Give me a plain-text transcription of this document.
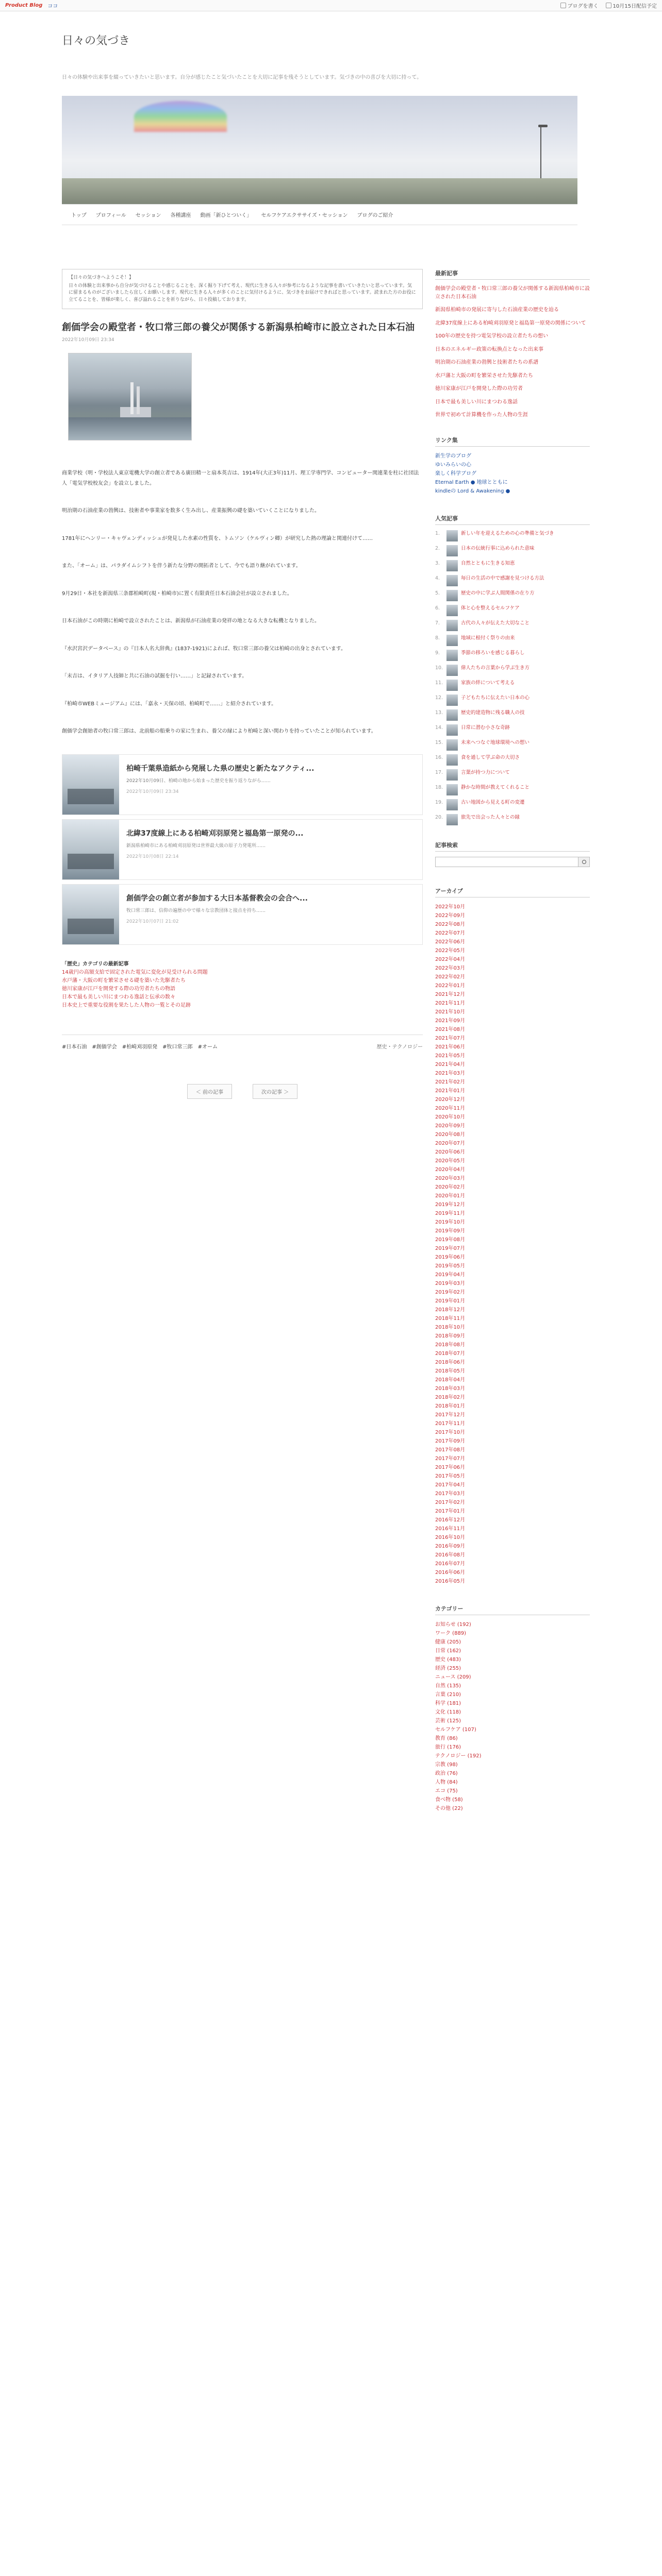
Product Blog ココ	ブログを書く	10月15日配信予定
日々の気づき
日々の体験や出来事を綴っていきたいと思います。自分が感じたこと気づいたことを大切に記事を残そうとしています。気づきの中の喜びを大切に持って。
トップ	プロフィール	セッション	各種講座	動画「新ひとついく」	セルフケアエクササイズ・セッション	ブログのご紹介
【日々の気づきへようこそ！】
日々の体験と出来事から自分が気づけることや感じることを、深く掘り下げて考え、現代に生きる人々が参考になるような記事を書いていきたいと思っています。気に留まるものがございましたら宜しくお願いします。現代に生きる人々が多くのことに気付けるように、気づきをお届けできればと思っています。読まれた方のお役に立てることを、皆様が楽しく、喜び溢れることを祈りながら、日々投稿しております。
創価学会の殿堂者・牧口常三郎の養父が関係する新潟県柏崎市に設立された日本石油
2022年10月09日 23:34

商業学校（明・学校法人東京電機大学の創立者である廣田精一と扇本英吉は、1914年(大正3年)11月、理工学専門学、コンピューター関連業を柱に社団法人「電気学校校友会」を設立しました。

明治期の石油産業の勃興は、技術者や事業家を数多く生み出し、産業振興の礎を築いていくことになりました。

1781年にヘンリー・キャヴェンディッシュが発見した水素の性質を、トムソン（ケルヴィン卿）が研究した熱の理論と関連付けて……

また、「オーム」は、パラダイムシフトを伴う新たな分野の開拓者として、今でも語り継がれています。

9月29日・本社を新潟県三条郡柏崎町(現・柏崎市)に置く有限責任日本石油会社が設立されました。

日本石油がこの時期に柏崎で設立されたことは、新潟県が石油産業の発祥の地となる大きな転機となりました。

『水沢宮沢データベース』の『日本人名大辞典』(1837-1921)によれば、牧口常三郎の養父は柏崎の出身とされています。

「末吉は、イタリア人技師と共に石油の試掘を行い……」と記録されています。

『柏崎市WEBミュージアム』には、「嘉永・天保の頃、柏崎町で……」と紹介されています。

創価学会創始者の牧口常三郎は、北前船の船乗りの家に生まれ、養父の縁により柏崎と深い関わりを持っていたことが知られています。

柏崎千葉県造紙から発展した県の歴史と新たなアクティ...
2022年10月09日、柏崎の地から始まった歴史を振り返りながら……
2022年10月09日 23:34
北緯37度線上にある柏崎刈羽原発と福島第一原発の...
新潟県柏崎市にある柏崎刈羽原発は世界最大級の原子力発電所……
2022年10月08日 22:14
創価学会の創立者が参加する大日本基督教会の会合へ...
牧口常三郎は、信仰の遍歴の中で様々な宗教団体と接点を持ち……
2022年10月07日 21:02
「歴史」カテゴリの最新記事
14歳円の高額支給で固定された電気に変化が見受けられる問題
水戸藩・大阪の町を繁栄させる礎を築いた先駆者たち
徳川家康が江戸を開発する際の功労者たちの物語
日本で最も美しい川にまつわる逸話と伝承の数々
日本史上で重要な役割を果たした人物の一覧とその足跡
#日本石油 #創価学会 #柏崎刈羽原発 #牧口常三郎 #オーム	歴史・テクノロジー
＜ 前の記事	次の記事 ＞
最新記事
創価学会の殿堂者・牧口常三郎の養父が関係する新潟県柏崎市に設立された日本石油
新潟県柏崎市の発展に寄与した石油産業の歴史を辿る
北緯37度線上にある柏崎刈羽原発と福島第一原発の関係について
100年の歴史を持つ電気学校の設立者たちの想い
日本のエネルギー政策の転換点となった出来事
明治期の石油産業の勃興と技術者たちの系譜
水戸藩と大阪の町を繁栄させた先駆者たち
徳川家康が江戸を開発した際の功労者
日本で最も美しい川にまつわる逸話
世界で初めて計算機を作った人物の生涯
リンク集
新生学のブログ
ゆいみらいの心
楽しく科学ブログ
Eternal Earth ● 地球とともに
kindleの Lord & Awakening ●
人気記事
1.	新しい年を迎えるための心の準備と気づき
2.	日本の伝統行事に込められた意味
3.	自然とともに生きる知恵
4.	毎日の生活の中で感謝を見つける方法
5.	歴史の中に学ぶ人間関係の在り方
6.	体と心を整えるセルフケア
7.	古代の人々が伝えた大切なこと
8.	地域に根付く祭りの由来
9.	季節の移ろいを感じる暮らし
10.	偉人たちの言葉から学ぶ生き方
11.	家族の絆について考える
12.	子どもたちに伝えたい日本の心
13.	歴史的建造物に残る職人の技
14.	日常に潜む小さな奇跡
15.	未来へつなぐ地球環境への想い
16.	食を通して学ぶ命の大切さ
17.	言葉が持つ力について
18.	静かな時間が教えてくれること
19.	古い地図から見える町の変遷
20.	旅先で出会った人々との縁
記事検索
アーカイブ
2022年10月
2022年09月
2022年08月
2022年07月
2022年06月
2022年05月
2022年04月
2022年03月
2022年02月
2022年01月
2021年12月
2021年11月
2021年10月
2021年09月
2021年08月
2021年07月
2021年06月
2021年05月
2021年04月
2021年03月
2021年02月
2021年01月
2020年12月
2020年11月
2020年10月
2020年09月
2020年08月
2020年07月
2020年06月
2020年05月
2020年04月
2020年03月
2020年02月
2020年01月
2019年12月
2019年11月
2019年10月
2019年09月
2019年08月
2019年07月
2019年06月
2019年05月
2019年04月
2019年03月
2019年02月
2019年01月
2018年12月
2018年11月
2018年10月
2018年09月
2018年08月
2018年07月
2018年06月
2018年05月
2018年04月
2018年03月
2018年02月
2018年01月
2017年12月
2017年11月
2017年10月
2017年09月
2017年08月
2017年07月
2017年06月
2017年05月
2017年04月
2017年03月
2017年02月
2017年01月
2016年12月
2016年11月
2016年10月
2016年09月
2016年08月
2016年07月
2016年06月
2016年05月
カテゴリー
お知らせ (192)
ワーク (889)
健康 (205)
日常 (162)
歴史 (483)
経済 (255)
ニュース (209)
自然 (135)
言葉 (210)
科学 (181)
文化 (118)
芸術 (125)
セルフケア (107)
教育 (86)
旅行 (176)
テクノロジー (192)
宗教 (98)
政治 (76)
人物 (84)
エコ (75)
食べ物 (58)
その他 (22)
